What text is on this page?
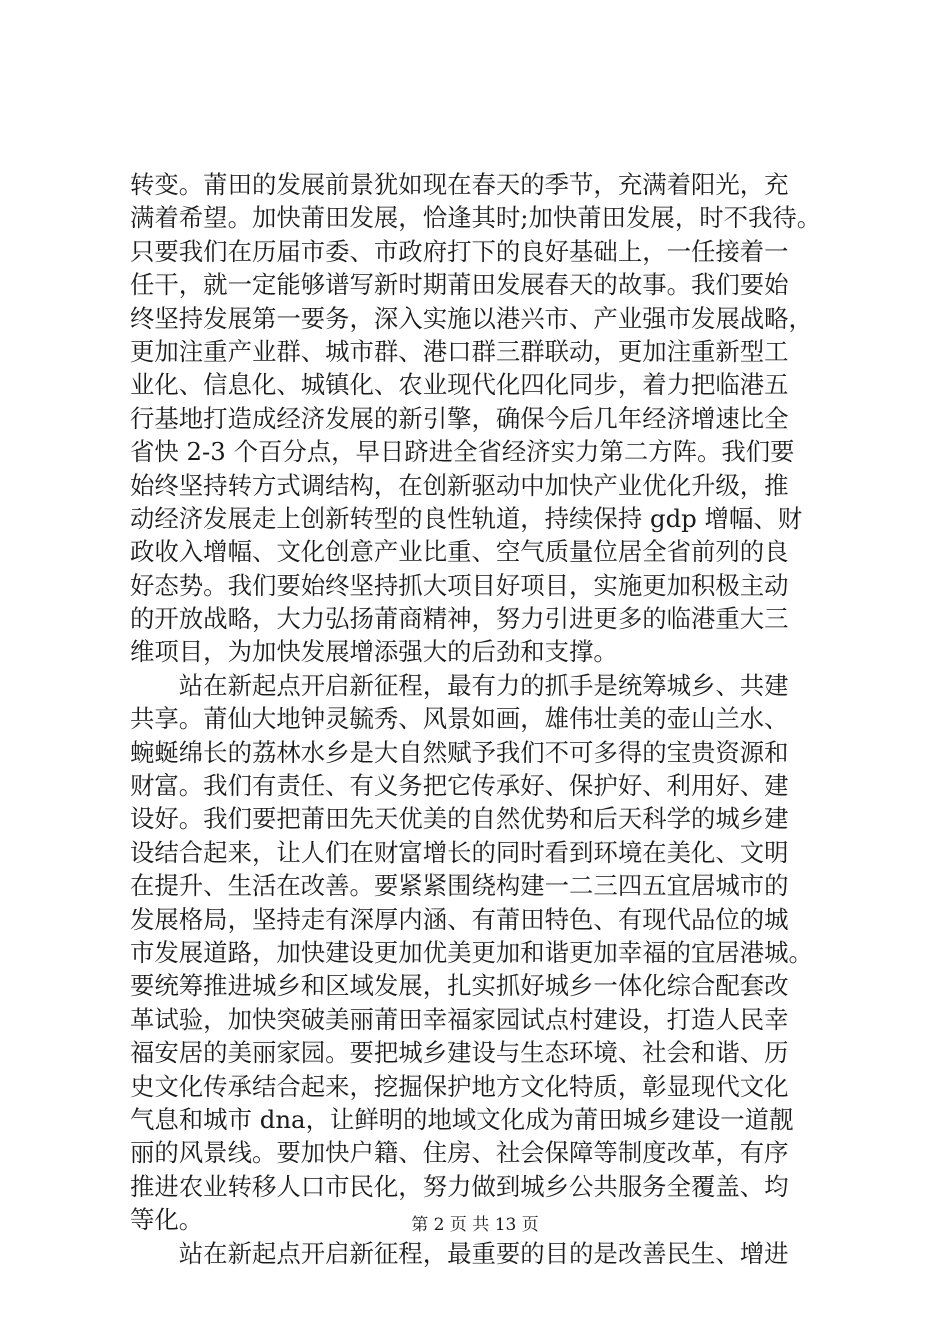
转变。莆田的发展前景犹如现在春天的季节，充满着阳光，充
满着希望。加快莆田发展，恰逢其时;加快莆田发展，时不我待。
只要我们在历届市委、市政府打下的良好基础上，一任接着一
任干，就一定能够谱写新时期莆田发展春天的故事。我们要始
终坚持发展第一要务，深入实施以港兴市、产业强市发展战略，
更加注重产业群、城市群、港口群三群联动，更加注重新型工
业化、信息化、城镇化、农业现代化四化同步，着力把临港五
行基地打造成经济发展的新引擎，确保今后几年经济增速比全
省快 2-3 个百分点，早日跻进全省经济实力第二方阵。我们要
始终坚持转方式调结构，在创新驱动中加快产业优化升级，推
动经济发展走上创新转型的良性轨道，持续保持 gdp 增幅、财
政收入增幅、文化创意产业比重、空气质量位居全省前列的良
好态势。我们要始终坚持抓大项目好项目，实施更加积极主动
的开放战略，大力弘扬莆商精神，努力引进更多的临港重大三
维项目，为加快发展增添强大的后劲和支撑。
　　站在新起点开启新征程，最有力的抓手是统筹城乡、共建
共享。莆仙大地钟灵毓秀、风景如画，雄伟壮美的壶山兰水、
蜿蜒绵长的荔林水乡是大自然赋予我们不可多得的宝贵资源和
财富。我们有责任、有义务把它传承好、保护好、利用好、建
设好。我们要把莆田先天优美的自然优势和后天科学的城乡建
设结合起来，让人们在财富增长的同时看到环境在美化、文明
在提升、生活在改善。要紧紧围绕构建一二三四五宜居城市的
发展格局，坚持走有深厚内涵、有莆田特色、有现代品位的城
市发展道路，加快建设更加优美更加和谐更加幸福的宜居港城。
要统筹推进城乡和区域发展，扎实抓好城乡一体化综合配套改
革试验，加快突破美丽莆田幸福家园试点村建设，打造人民幸
福安居的美丽家园。要把城乡建设与生态环境、社会和谐、历
史文化传承结合起来，挖掘保护地方文化特质，彰显现代文化
气息和城市 dna，让鲜明的地域文化成为莆田城乡建设一道靓
丽的风景线。要加快户籍、住房、社会保障等制度改革，有序
推进农业转移人口市民化，努力做到城乡公共服务全覆盖、均
等化。
　　站在新起点开启新征程，最重要的目的是改善民生、增进
第 2 页 共 13 页
